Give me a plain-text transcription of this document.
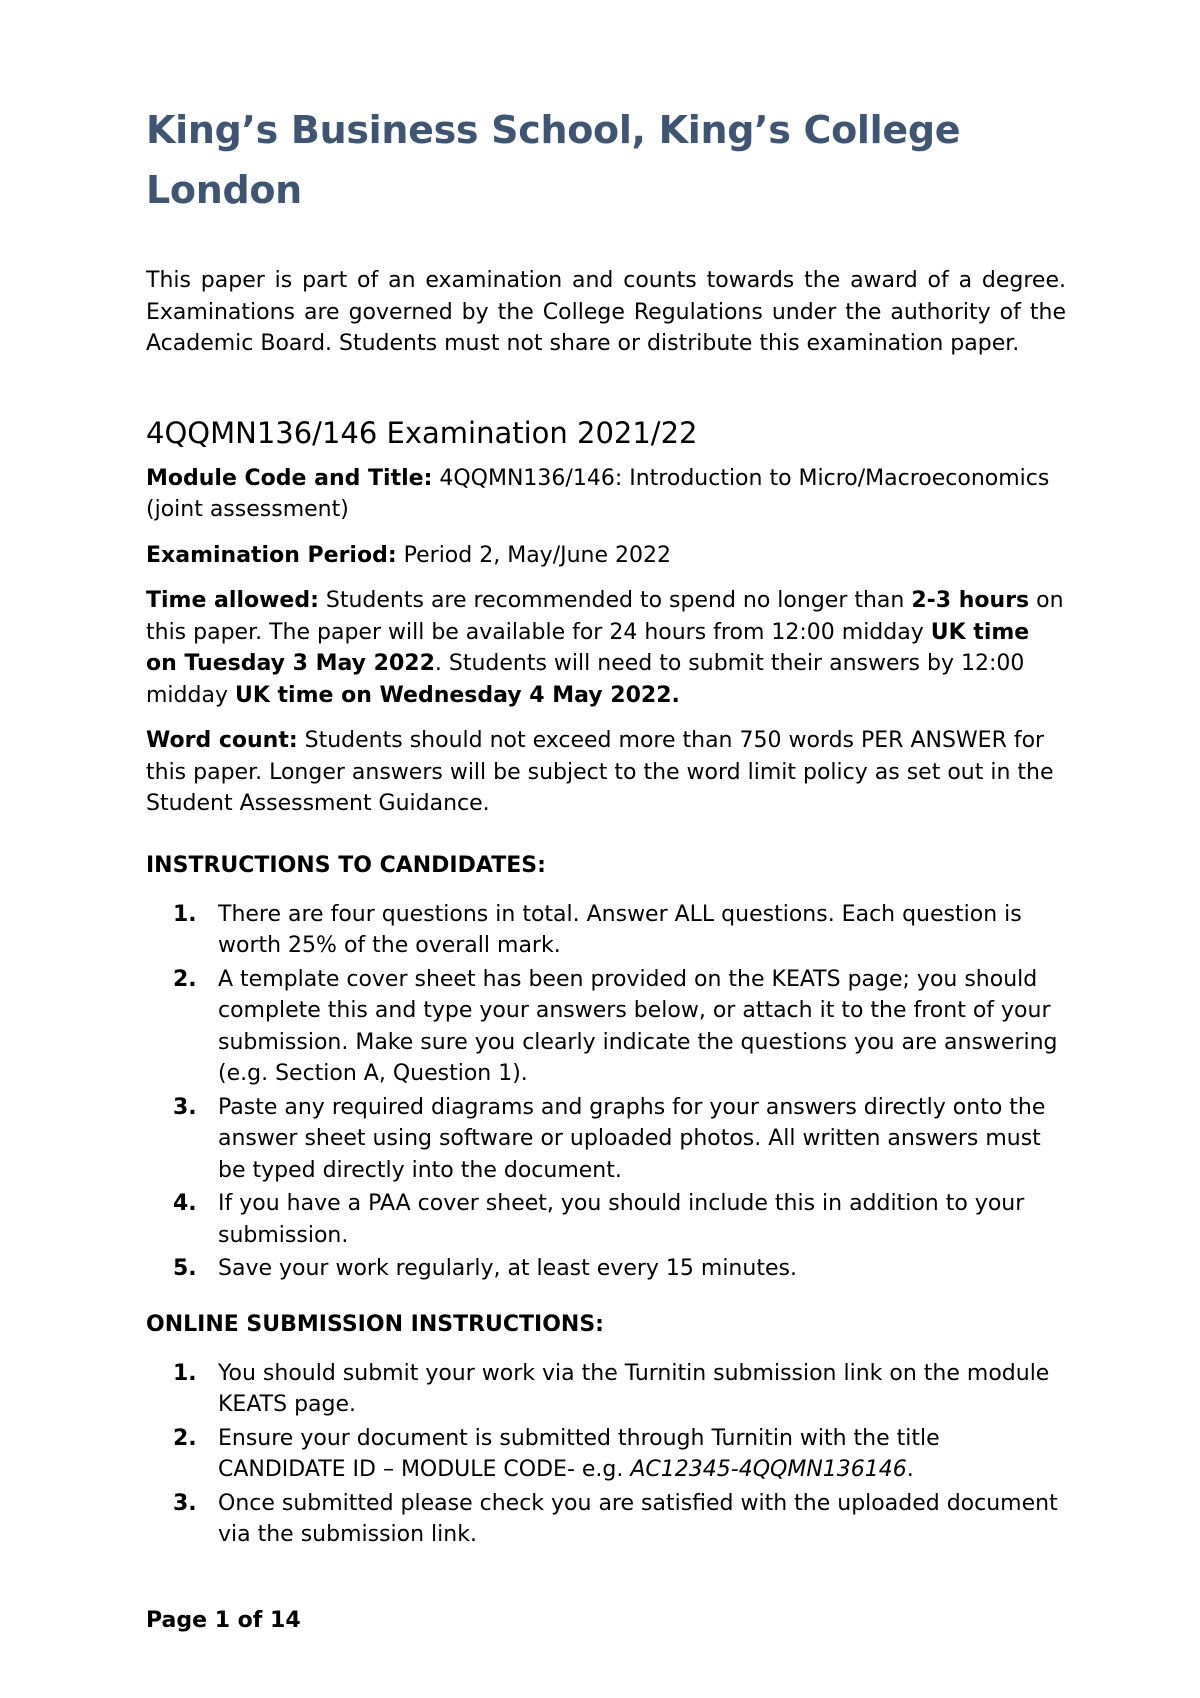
King’s Business School, King’s College London

This paper is part of an examination and counts towards the award of a degree. Examinations are governed by the College Regulations under the authority of the Academic Board. Students must not share or distribute this examination paper.

4QQMN136/146 Examination 2021/22

Module Code and Title: 4QQMN136/146: Introduction to Micro/Macroeconomics (joint assessment)

Examination Period: Period 2, May/June 2022

Time allowed: Students are recommended to spend no longer than 2-3 hours on this paper. The paper will be available for 24 hours from 12:00 midday UK time on Tuesday 3 May 2022. Students will need to submit their answers by 12:00 midday UK time on Wednesday 4 May 2022.

Word count: Students should not exceed more than 750 words PER ANSWER for this paper. Longer answers will be subject to the word limit policy as set out in the Student Assessment Guidance.

INSTRUCTIONS TO CANDIDATES:
1. There are four questions in total. Answer ALL questions. Each question is worth 25% of the overall mark.
2. A template cover sheet has been provided on the KEATS page; you should complete this and type your answers below, or attach it to the front of your submission. Make sure you clearly indicate the questions you are answering (e.g. Section A, Question 1).
3. Paste any required diagrams and graphs for your answers directly onto the answer sheet using software or uploaded photos. All written answers must be typed directly into the document.
4. If you have a PAA cover sheet, you should include this in addition to your submission.
5. Save your work regularly, at least every 15 minutes.
ONLINE SUBMISSION INSTRUCTIONS:
1. You should submit your work via the Turnitin submission link on the module KEATS page.
2. Ensure your document is submitted through Turnitin with the title CANDIDATE ID – MODULE CODE- e.g. AC12345-4QQMN136146.
3. Once submitted please check you are satisfied with the uploaded document via the submission link.
Page 1 of 14
